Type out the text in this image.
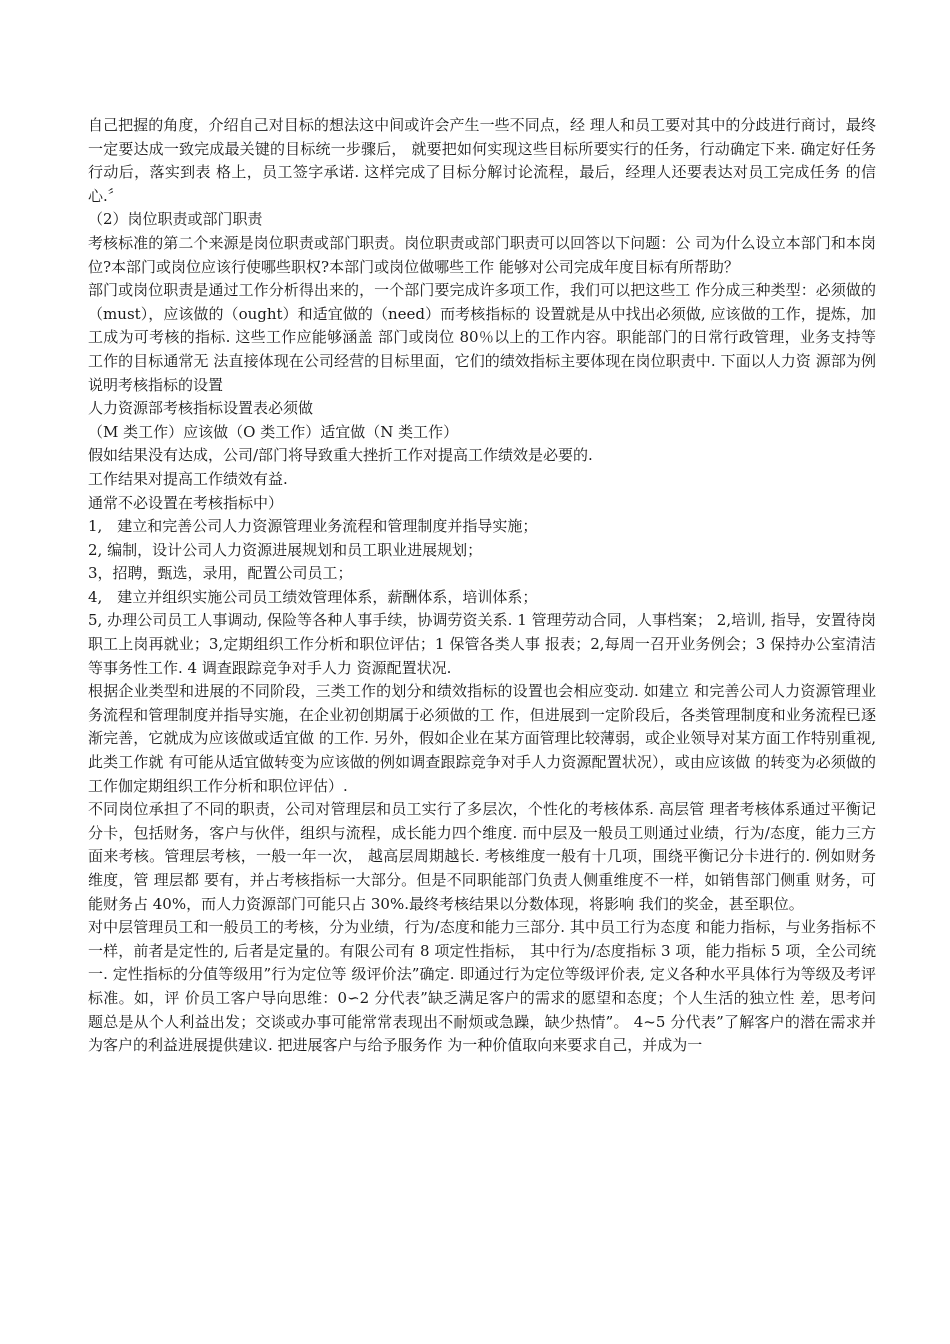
自己把握的角度，介绍自己对目标的想法这中间或许会产生一些不同点，经 理人和员工要对其中的分歧进行商讨，最终一定要达成一致完成最关键的目标统一步骤后， 就要把如何实现这些目标所要实行的任务，行动确定下来. 确定好任务行动后，落实到表 格上，员工签字承诺. 这样完成了目标分解讨论流程，最后，经理人还要表达对员工完成任务 的信心.〞

（2）岗位职责或部门职责

考核标准的第二个来源是岗位职责或部门职责。岗位职责或部门职责可以回答以下问题：公 司为什么设立本部门和本岗位?本部门或岗位应该行使哪些职权?本部门或岗位做哪些工作 能够对公司完成年度目标有所帮助？

部门或岗位职责是通过工作分析得出来的，一个部门要完成许多项工作，我们可以把这些工 作分成三种类型：必须做的（must），应该做的（ought）和适宜做的（need）而考核指标的 设置就是从中找出必须做, 应该做的工作，提炼，加工成为可考核的指标. 这些工作应能够涵盖 部门或岗位 80％以上的工作内容。职能部门的日常行政管理，业务支持等工作的目标通常无 法直接体现在公司经营的目标里面，它们的绩效指标主要体现在岗位职责中. 下面以人力资 源部为例说明考核指标的设置

人力资源部考核指标设置表必须做

（M 类工作）应该做（O 类工作）适宜做（N 类工作）

假如结果没有达成，公司/部门将导致重大挫折工作对提高工作绩效是必要的.

工作结果对提高工作绩效有益.

通常不必设置在考核指标中）

1,　建立和完善公司人力资源管理业务流程和管理制度并指导实施；

2, 编制，设计公司人力资源进展规划和员工职业进展规划；

3，招聘，甄选，录用，配置公司员工；

4,　建立并组织实施公司员工绩效管理体系，薪酬体系，培训体系；

5, 办理公司员工人事调动, 保险等各种人事手续，协调劳资关系. 1 管理劳动合同，人事档案； 2,培训, 指导，安置待岗职工上岗再就业；3,定期组织工作分析和职位评估；1 保管各类人事 报表；2,每周一召开业务例会；3 保持办公室清洁等事务性工作. 4 调查跟踪竞争对手人力 资源配置状况.

根据企业类型和进展的不同阶段，三类工作的划分和绩效指标的设置也会相应变动. 如建立 和完善公司人力资源管理业务流程和管理制度并指导实施，在企业初创期属于必须做的工 作，但进展到一定阶段后，各类管理制度和业务流程已逐渐完善，它就成为应该做或适宜做 的工作. 另外，假如企业在某方面管理比较薄弱，或企业领导对某方面工作特别重视, 此类工作就 有可能从适宜做转变为应该做的例如调查跟踪竞争对手人力资源配置状况），或由应该做 的转变为必须做的工作伽定期组织工作分析和职位评估）.

不同岗位承担了不同的职责，公司对管理层和员工实行了多层次，个性化的考核体系. 高层管 理者考核体系通过平衡记分卡，包括财务，客户与伙伴，组织与流程，成长能力四个维度. 而中层及一般员工则通过业绩，行为/态度，能力三方面来考核。管理层考核，一般一年一次， 越高层周期越长. 考核维度一般有十几项，围绕平衡记分卡进行的. 例如财务维度，管 理层都 要有，并占考核指标一大部分。但是不同职能部门负责人侧重维度不一样，如销售部门侧重 财务，可能财务占 40%，而人力资源部门可能只占 30%.最终考核结果以分数体现，将影响 我们的奖金，甚至职位。

对中层管理员工和一般员工的考核，分为业绩，行为/态度和能力三部分. 其中员工行为态度 和能力指标，与业务指标不一样，前者是定性的, 后者是定量的。有限公司有 8 项定性指标， 其中行为/态度指标 3 项，能力指标 5 项，全公司统一. 定性指标的分值等级用”行为定位等 级评价法”确定. 即通过行为定位等级评价表, 定义各种水平具体行为等级及考评标准。如，评 价员工客户导向思维：0∽2 分代表”缺乏满足客户的需求的愿望和态度；个人生活的独立性 差，思考问题总是从个人利益出发；交谈或办事可能常常表现出不耐烦或急躁，缺少热情”。 4~5 分代表”了解客户的潜在需求并为客户的利益进展提供建议. 把进展客户与给予服务作 为一种价值取向来要求自己，并成为一
